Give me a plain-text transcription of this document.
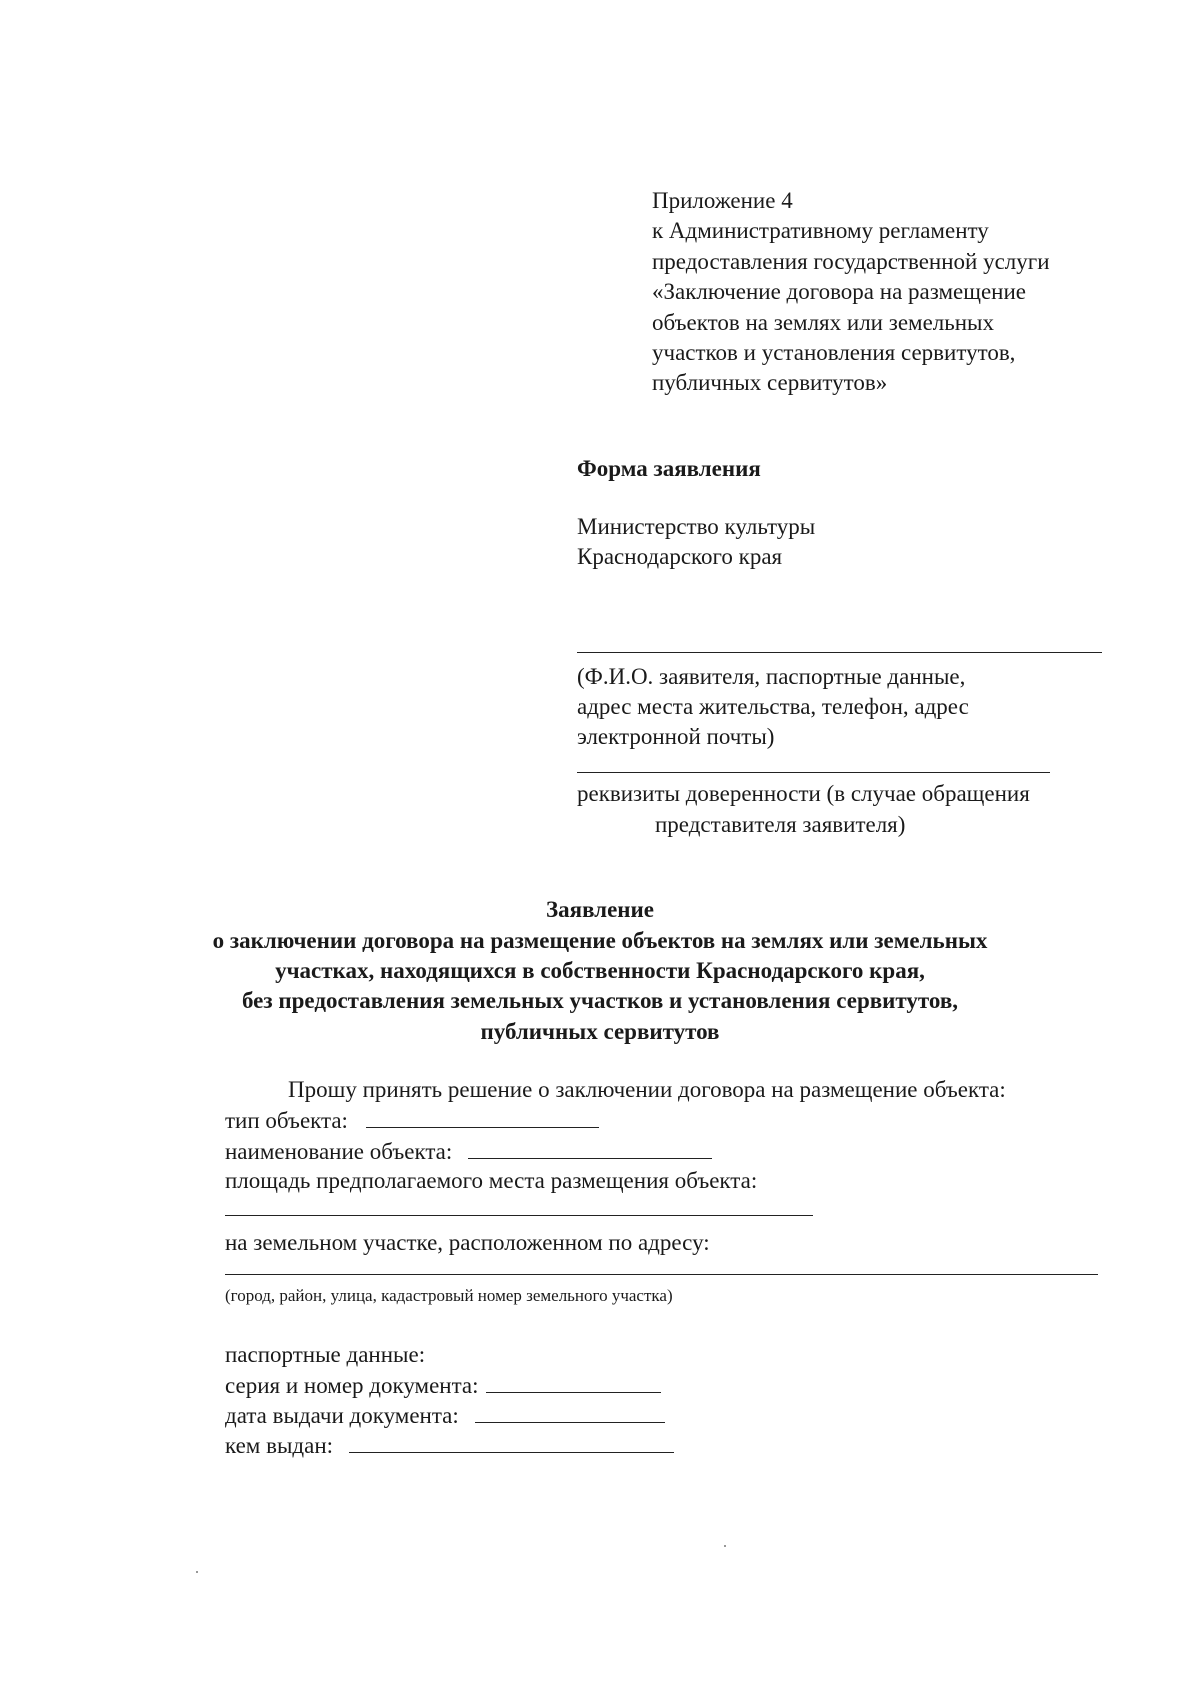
Приложение 4
к Административному регламенту
предоставления государственной услуги
«Заключение договора на размещение
объектов на землях или земельных
участков и установления сервитутов,
публичных сервитутов»
Форма заявления
Министерство культуры
Краснодарского края
(Ф.И.О. заявителя, паспортные данные,
адрес места жительства, телефон, адрес
электронной почты)
реквизиты доверенности (в случае обращения
представителя заявителя)
Заявление
о заключении договора на размещение объектов на землях или земельных
участках, находящихся в собственности Краснодарского края,
без предоставления земельных участков и установления сервитутов,
публичных сервитутов
Прошу принять решение о заключении договора на размещение объекта:
тип объекта:
наименование объекта:
площадь предполагаемого места размещения объекта:
на земельном участке, расположенном по адресу:
(город, район, улица, кадастровый номер земельного участка)
паспортные данные:
серия и номер документа:
дата выдачи документа:
кем выдан:
